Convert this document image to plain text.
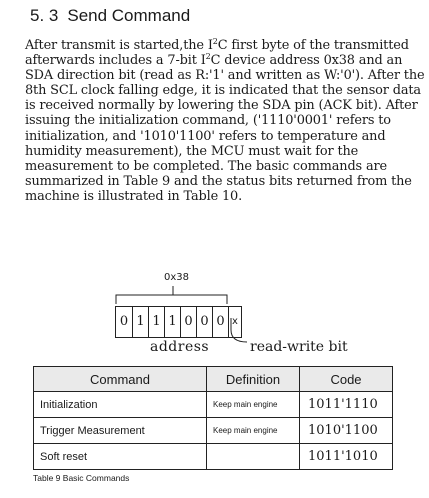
5. 3 Send Command

After transmit is started,the $I^2C$ first byte of the transmitted afterwards includes a 7-bit $I^2C$ device address 0x38 and an SDA direction bit (read as R:'1' and written as W:'0'). After the 8th SCL clock falling edge, it is indicated that the sensor data is received normally by lowering the SDA pin (ACK bit). After issuing the initialization command, ('1110'0001' refers to initialization, and '1010'1100' refers to temperature and humidity measurement), the MCU must wait for the measurement to be completed. The basic commands are summarized in Table 9 and the status bits returned from the machine is illustrated in Table 10.

0x38
0 1 1 1 0 0 0 x
address	read-write bit
Command	Definition	Code
Initialization	Keep main engine	1011'1110
Trigger Measurement	Keep main engine	1010'1100
Soft reset		1011'1010
Table 9 Basic Commands
